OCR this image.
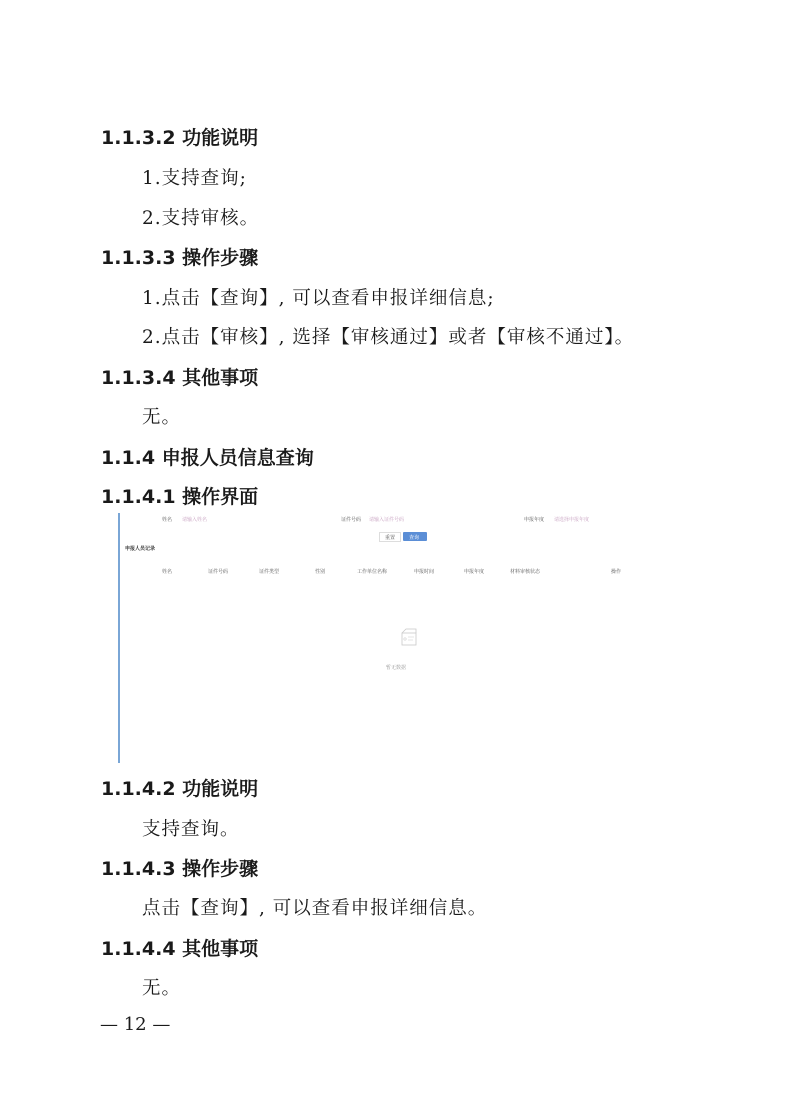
1.1.3.2 功能说明
1.支持查询;
2.支持审核。
1.1.3.3 操作步骤
1.点击【查询】, 可以查看申报详细信息;
2.点击【审核】, 选择【审核通过】或者【审核不通过】。
1.1.3.4 其他事项
无。
1.1.4 申报人员信息查询
1.1.4.1 操作界面
姓名 请输入姓名	证件号码 请输入证件号码	申报年度 请选择申报年度
重置	查询
申报人员记录
姓名	证件号码	证件类型	性别	工作单位名称	申报时间	申报年度	材料审核状态	操作
暂无数据
1.1.4.2 功能说明
支持查询。
1.1.4.3 操作步骤
点击【查询】, 可以查看申报详细信息。
1.1.4.4 其他事项
无。
— 12 —
